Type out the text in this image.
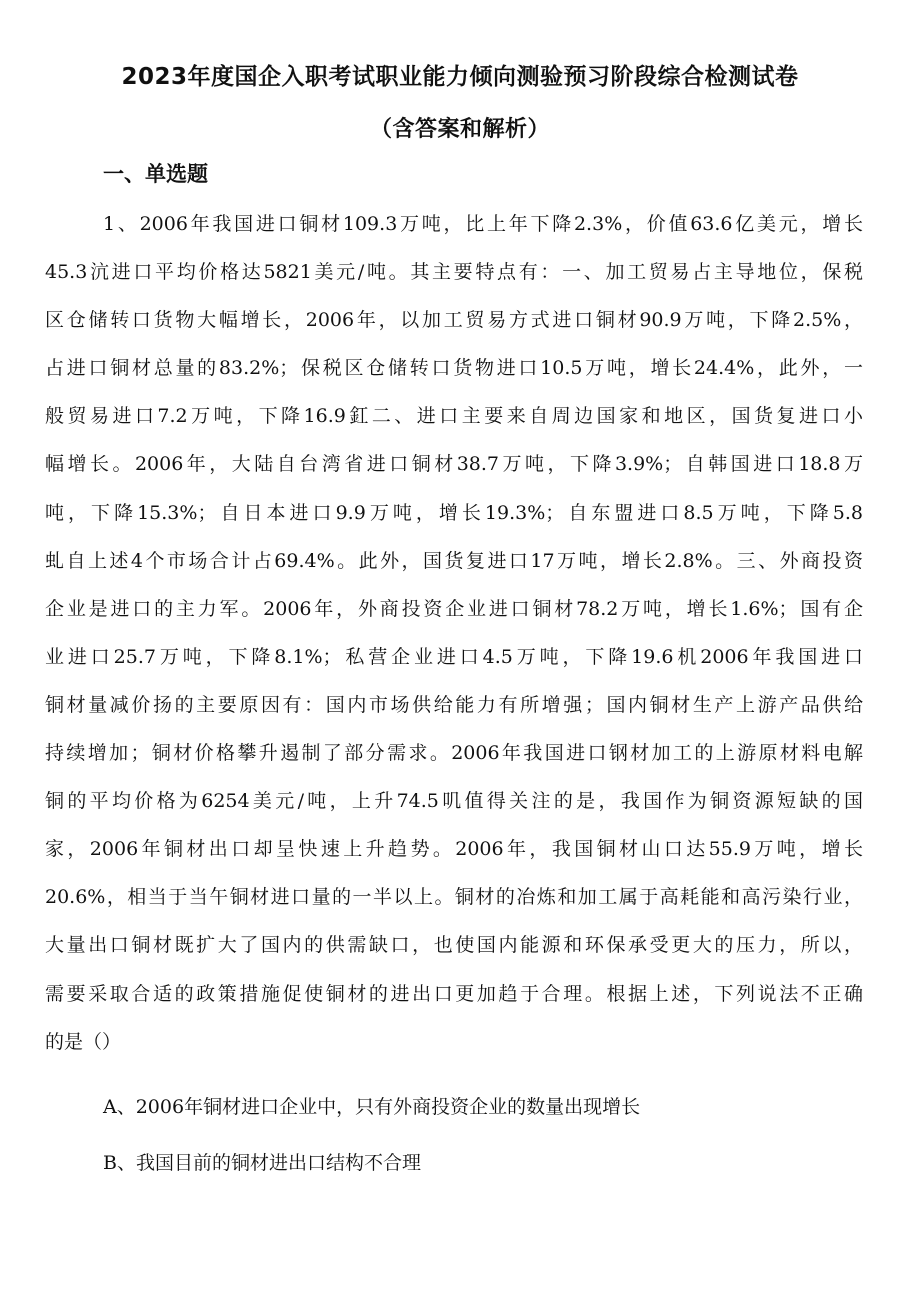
2023年度国企入职考试职业能力倾向测验预习阶段综合检测试卷
（含答案和解析）
一、单选题
1、2006年我国进口铜材109.3万吨，比上年下降2.3%，价值63.6亿美元，增长
45.3沆进口平均价格达5821美元/吨。其主要特点有：一、加工贸易占主导地位，保税
区仓储转口货物大幅增长，2006年，以加工贸易方式进口铜材90.9万吨，下降2.5%，
占进口铜材总量的83.2%；保税区仓储转口货物进口10.5万吨，增长24.4%，此外，一
般贸易进口7.2万吨，下降16.9釭二、进口主要来自周边国家和地区，国货复进口小
幅增长。2006年，大陆自台湾省进口铜材38.7万吨，下降3.9%；自韩国进口18.8万
吨，下降15.3%；自日本进口9.9万吨，增长19.3%；自东盟进口8.5万吨，下降5.8
虬自上述4个市场合计占69.4%。此外，国货复进口17万吨，增长2.8%。三、外商投资
企业是进口的主力军。2006年，外商投资企业进口铜材78.2万吨，增长1.6%；国有企
业进口25.7万吨，下降8.1%；私营企业进口4.5万吨，下降19.6机2006年我国进口
铜材量减价扬的主要原因有：国内市场供给能力有所增强；国内铜材生产上游产品供给
持续增加；铜材价格攀升遏制了部分需求。2006年我国进口钢材加工的上游原材料电解
铜的平均价格为6254美元/吨，上升74.5叽值得关注的是，我国作为铜资源短缺的国
家，2006年铜材出口却呈快速上升趋势。2006年，我国铜材山口达55.9万吨，增长
20.6%，相当于当午铜材进口量的一半以上。铜材的冶炼和加工属于高耗能和高污染行业，
大量出口铜材既扩大了国内的供需缺口，也使国内能源和环保承受更大的压力，所以，
需要采取合适的政策措施促使铜材的进出口更加趋于合理。根据上述，下列说法不正确
的是（）
A、2006年铜材进口企业中，只有外商投资企业的数量出现增长
B、我国目前的铜材进出口结构不合理
